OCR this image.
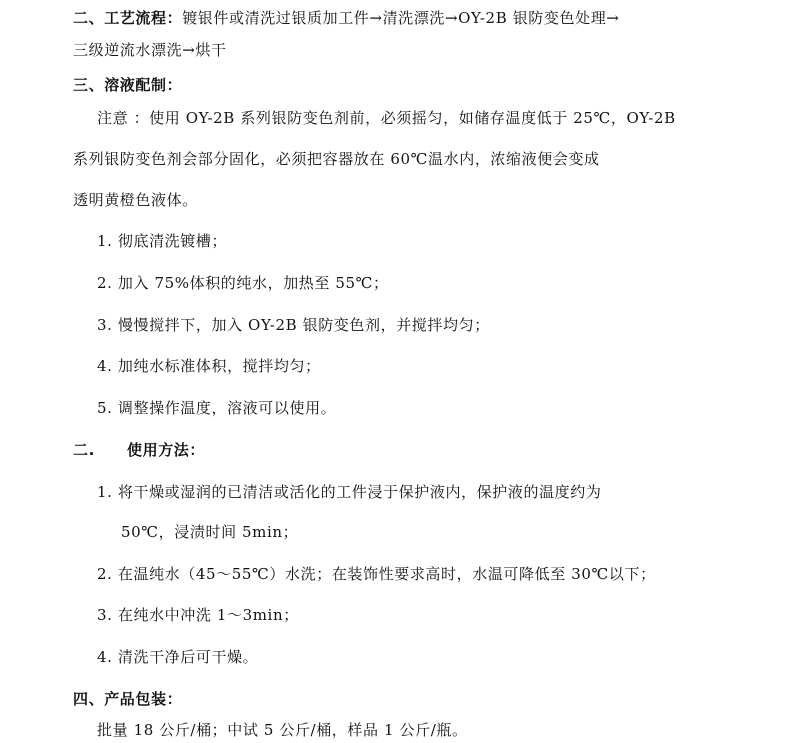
二、工艺流程：镀银件或清洗过银质加工件→清洗漂洗→OY-2B 银防变色处理→
三级逆流水漂洗→烘干
三、溶液配制：
注意 ：使用 OY-2B 系列银防变色剂前，必须摇匀，如储存温度低于 25℃，OY-2B
系列银防变色剂会部分固化，必须把容器放在 60℃温水内，浓缩液便会变成
透明黄橙色液体。
1. 彻底清洗镀槽；
2. 加入 75%体积的纯水，加热至 55℃；
3. 慢慢搅拌下，加入 OY-2B 银防变色剂，并搅拌均匀；
4. 加纯水标准体积，搅拌均匀；
5. 调整操作温度，溶液可以使用。
二. 使用方法：
1. 将干燥或湿润的已清洁或活化的工件浸于保护液内，保护液的温度约为
50℃，浸渍时间 5min；
2. 在温纯水（45～55℃）水洗；在装饰性要求高时，水温可降低至 30℃以下；
3. 在纯水中冲洗 1～3min；
4. 清洗干净后可干燥。
四、产品包装：
批量 18 公斤/桶；中试 5 公斤/桶，样品 1 公斤/瓶。
